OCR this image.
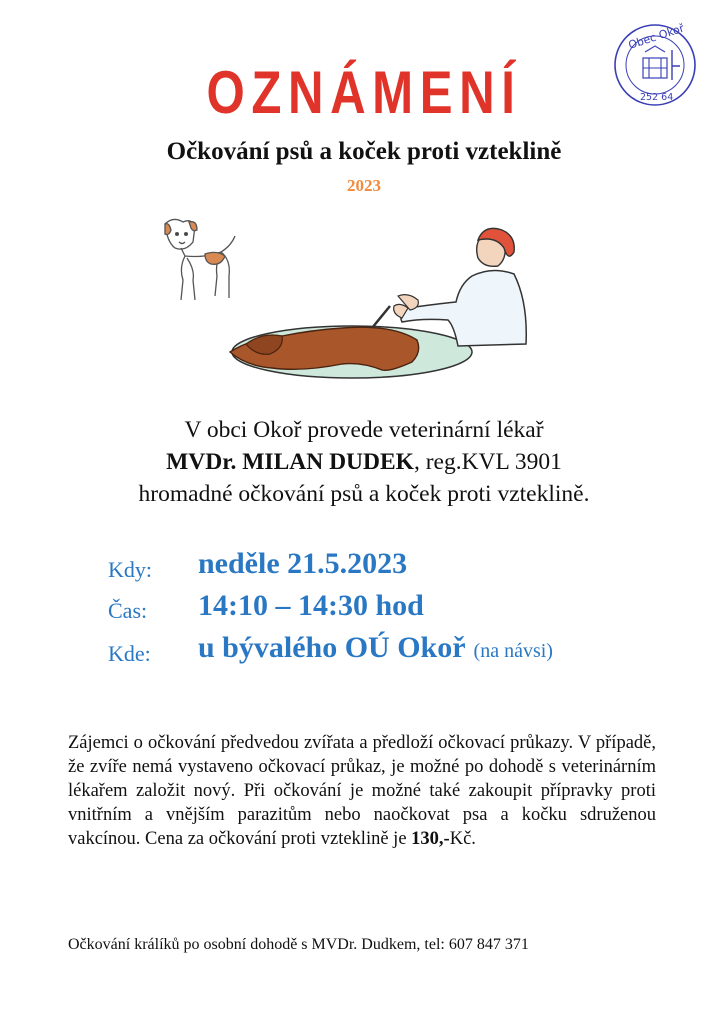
Obec Okoř
252 64
OZNÁMENÍ
Očkování psů a koček proti vzteklině
2023
V obci Okoř provede veterinární lékař
MVDr. MILAN DUDEK, reg.KVL 3901
hromadné očkování psů a koček proti vzteklině.
Kdy: neděle 21.5.2023
Čas: 14:10 – 14:30 hod
Kde: u bývalého OÚ Okoř (na návsi)
Zájemci o očkování předvedou zvířata a předloží očkovací průkazy. V případě, že zvíře nemá vystaveno očkovací průkaz, je možné po dohodě s veterinárním lékařem založit nový. Při očkování je možné také zakoupit přípravky proti vnitřním a vnějším parazitům nebo naočkovat psa a kočku sdruženou vakcínou. Cena za očkování proti vzteklině je 130,-Kč.
Očkování králíků po osobní dohodě s MVDr. Dudkem, tel: 607 847 371
